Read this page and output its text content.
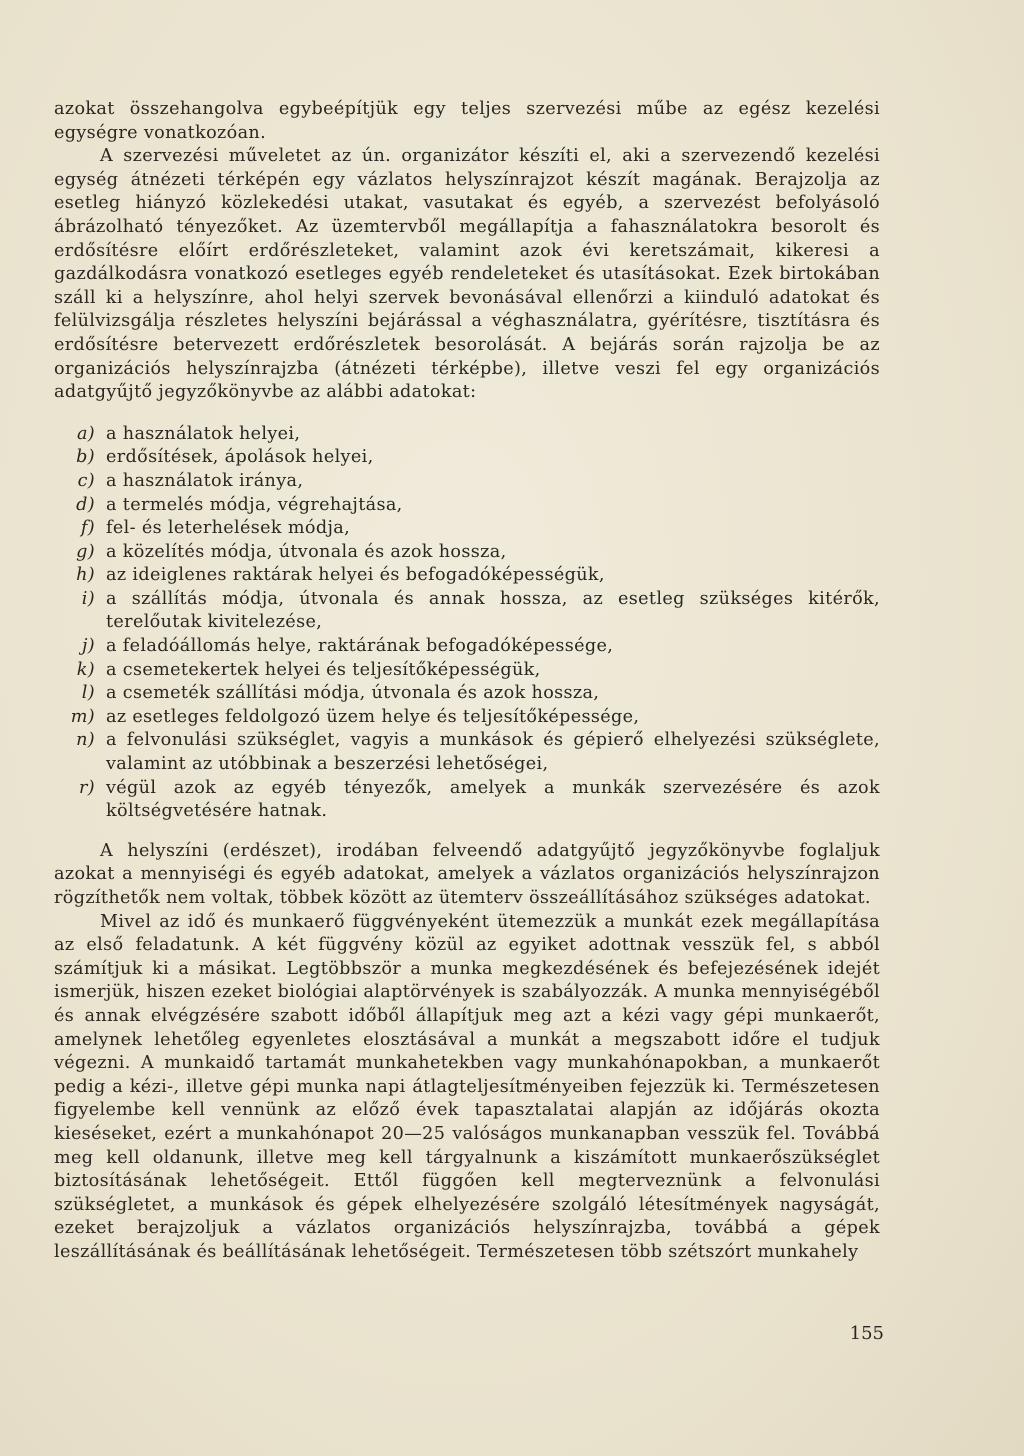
azokat összehangolva egybeépítjük egy teljes szervezési műbe az egész kezelési egységre vonatkozóan.

A szervezési műveletet az ún. organizátor készíti el, aki a szervezendő kezelési egység átnézeti térképén egy vázlatos helyszínrajzot készít magának. Berajzolja az esetleg hiányzó közlekedési utakat, vasutakat és egyéb, a szervezést befolyásoló ábrázolható tényezőket. Az üzemtervből megállapítja a fahasználatokra besorolt és erdősítésre előírt erdőrészleteket, valamint azok évi keretszámait, kikeresi a gazdálkodásra vonatkozó esetleges egyéb rendeleteket és utasításokat. Ezek birtokában száll ki a helyszínre, ahol helyi szervek bevonásával ellenőrzi a kiinduló adatokat és felülvizsgálja részletes helyszíni bejárással a véghasználatra, gyérítésre, tisztításra és erdősítésre betervezett erdőrészletek besorolását. A bejárás során rajzolja be az organizációs helyszínrajzba (átnézeti térképbe), illetve veszi fel egy organizációs adatgyűjtő jegyzőkönyvbe az alábbi adatokat:

a) a használatok helyei,
b) erdősítések, ápolások helyei,
c) a használatok iránya,
d) a termelés módja, végrehajtása,
f) fel- és leterhelések módja,
g) a közelítés módja, útvonala és azok hossza,
h) az ideiglenes raktárak helyei és befogadóképességük,
i) a szállítás módja, útvonala és annak hossza, az esetleg szükséges kitérők, terelőutak kivitelezése,
j) a feladóállomás helye, raktárának befogadóképessége,
k) a csemetekertek helyei és teljesítőképességük,
l) a csemeték szállítási módja, útvonala és azok hossza,
m) az esetleges feldolgozó üzem helye és teljesítőképessége,
n) a felvonulási szükséglet, vagyis a munkások és gépierő elhelyezési szükséglete, valamint az utóbbinak a beszerzési lehetőségei,
r) végül azok az egyéb tényezők, amelyek a munkák szervezésére és azok költségvetésére hatnak.

A helyszíni (erdészet), irodában felveendő adatgyűjtő jegyzőkönyvbe foglaljuk azokat a mennyiségi és egyéb adatokat, amelyek a vázlatos organizációs helyszínrajzon rögzíthetők nem voltak, többek között az ütemterv összeállításához szükséges adatokat.

Mivel az idő és munkaerő függvényeként ütemezzük a munkát ezek megállapítása az első feladatunk. A két függvény közül az egyiket adottnak vesszük fel, s abból számítjuk ki a másikat. Legtöbbször a munka megkezdésének és befejezésének idejét ismerjük, hiszen ezeket biológiai alaptörvények is szabályozzák. A munka mennyiségéből és annak elvégzésére szabott időből állapítjuk meg azt a kézi vagy gépi munkaerőt, amelynek lehetőleg egyenletes elosztásával a munkát a megszabott időre el tudjuk végezni. A munkaidő tartamát munkahetekben vagy munkahónapokban, a munkaerőt pedig a kézi-, illetve gépi munka napi átlagteljesítményeiben fejezzük ki. Természetesen figyelembe kell vennünk az előző évek tapasztalatai alapján az időjárás okozta kieséseket, ezért a munkahónapot 20—25 valóságos munkanapban vesszük fel. Továbbá meg kell oldanunk, illetve meg kell tárgyalnunk a kiszámított munkaerőszükséglet biztosításának lehetőségeit. Ettől függően kell megterveznünk a felvonulási szükségletet, a munkások és gépek elhelyezésére szolgáló létesítmények nagyságát, ezeket berajzoljuk a vázlatos organizációs helyszínrajzba, továbbá a gépek leszállításának és beállításának lehetőségeit. Természetesen több szétszórt munkahely

155
